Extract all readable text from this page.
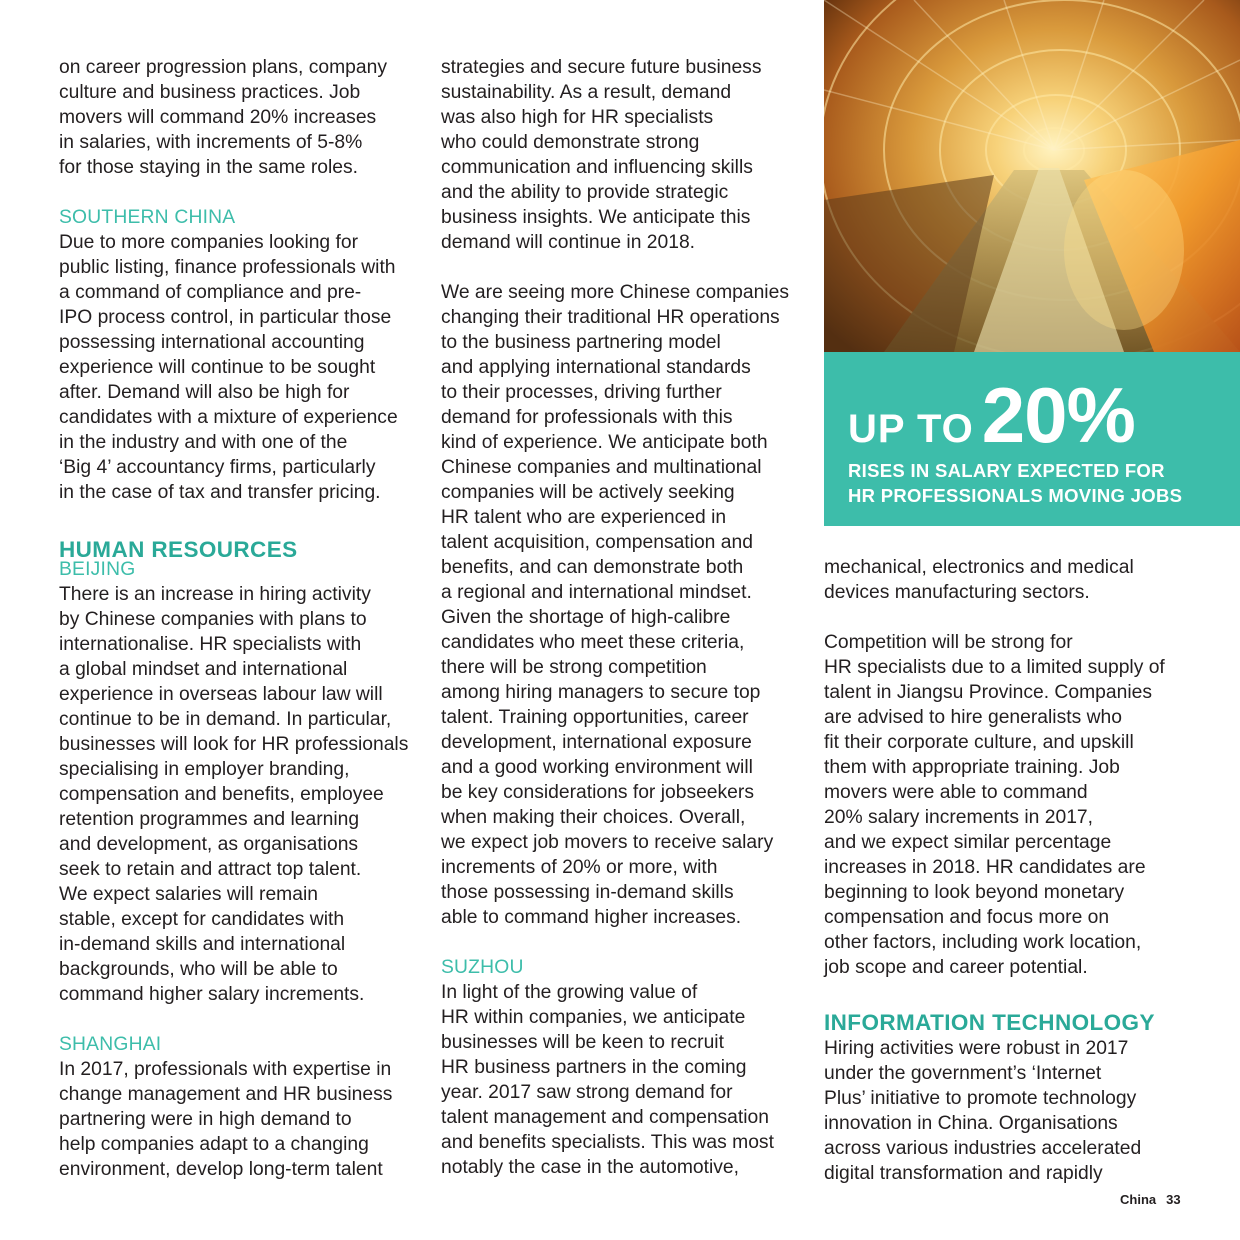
on career progression plans, company
culture and business practices. Job
movers will command 20% increases
in salaries, with increments of 5-8%
for those staying in the same roles.
SOUTHERN CHINA
Due to more companies looking for
public listing, finance professionals with
a command of compliance and pre-
IPO process control, in particular those
possessing international accounting
experience will continue to be sought
after. Demand will also be high for
candidates with a mixture of experience
in the industry and with one of the
‘Big 4’ accountancy firms, particularly
in the case of tax and transfer pricing.
HUMAN RESOURCES
BEIJING
There is an increase in hiring activity
by Chinese companies with plans to
internationalise. HR specialists with
a global mindset and international
experience in overseas labour law will
continue to be in demand. In particular,
businesses will look for HR professionals
specialising in employer branding,
compensation and benefits, employee
retention programmes and learning
and development, as organisations
seek to retain and attract top talent.
We expect salaries will remain
stable, except for candidates with
in-demand skills and international
backgrounds, who will be able to
command higher salary increments.
SHANGHAI
In 2017, professionals with expertise in
change management and HR business
partnering were in high demand to
help companies adapt to a changing
environment, develop long-term talent
strategies and secure future business
sustainability. As a result, demand
was also high for HR specialists
who could demonstrate strong
communication and influencing skills
and the ability to provide strategic
business insights. We anticipate this
demand will continue in 2018.
We are seeing more Chinese companies
changing their traditional HR operations
to the business partnering model
and applying international standards
to their processes, driving further
demand for professionals with this
kind of experience. We anticipate both
Chinese companies and multinational
companies will be actively seeking
HR talent who are experienced in
talent acquisition, compensation and
benefits, and can demonstrate both
a regional and international mindset.
Given the shortage of high-calibre
candidates who meet these criteria,
there will be strong competition
among hiring managers to secure top
talent. Training opportunities, career
development, international exposure
and a good working environment will
be key considerations for jobseekers
when making their choices. Overall,
we expect job movers to receive salary
increments of 20% or more, with
those possessing in-demand skills
able to command higher increases.
SUZHOU
In light of the growing value of
HR within companies, we anticipate
businesses will be keen to recruit
HR business partners in the coming
year. 2017 saw strong demand for
talent management and compensation
and benefits specialists. This was most
notably the case in the automotive,
UP TO 20%
RISES IN SALARY EXPECTED FOR
HR PROFESSIONALS MOVING JOBS
mechanical, electronics and medical
devices manufacturing sectors.
Competition will be strong for
HR specialists due to a limited supply of
talent in Jiangsu Province. Companies
are advised to hire generalists who
fit their corporate culture, and upskill
them with appropriate training. Job
movers were able to command
20% salary increments in 2017,
and we expect similar percentage
increases in 2018. HR candidates are
beginning to look beyond monetary
compensation and focus more on
other factors, including work location,
job scope and career potential.
INFORMATION TECHNOLOGY
Hiring activities were robust in 2017
under the government’s ‘Internet
Plus’ initiative to promote technology
innovation in China. Organisations
across various industries accelerated
digital transformation and rapidly
China 33
